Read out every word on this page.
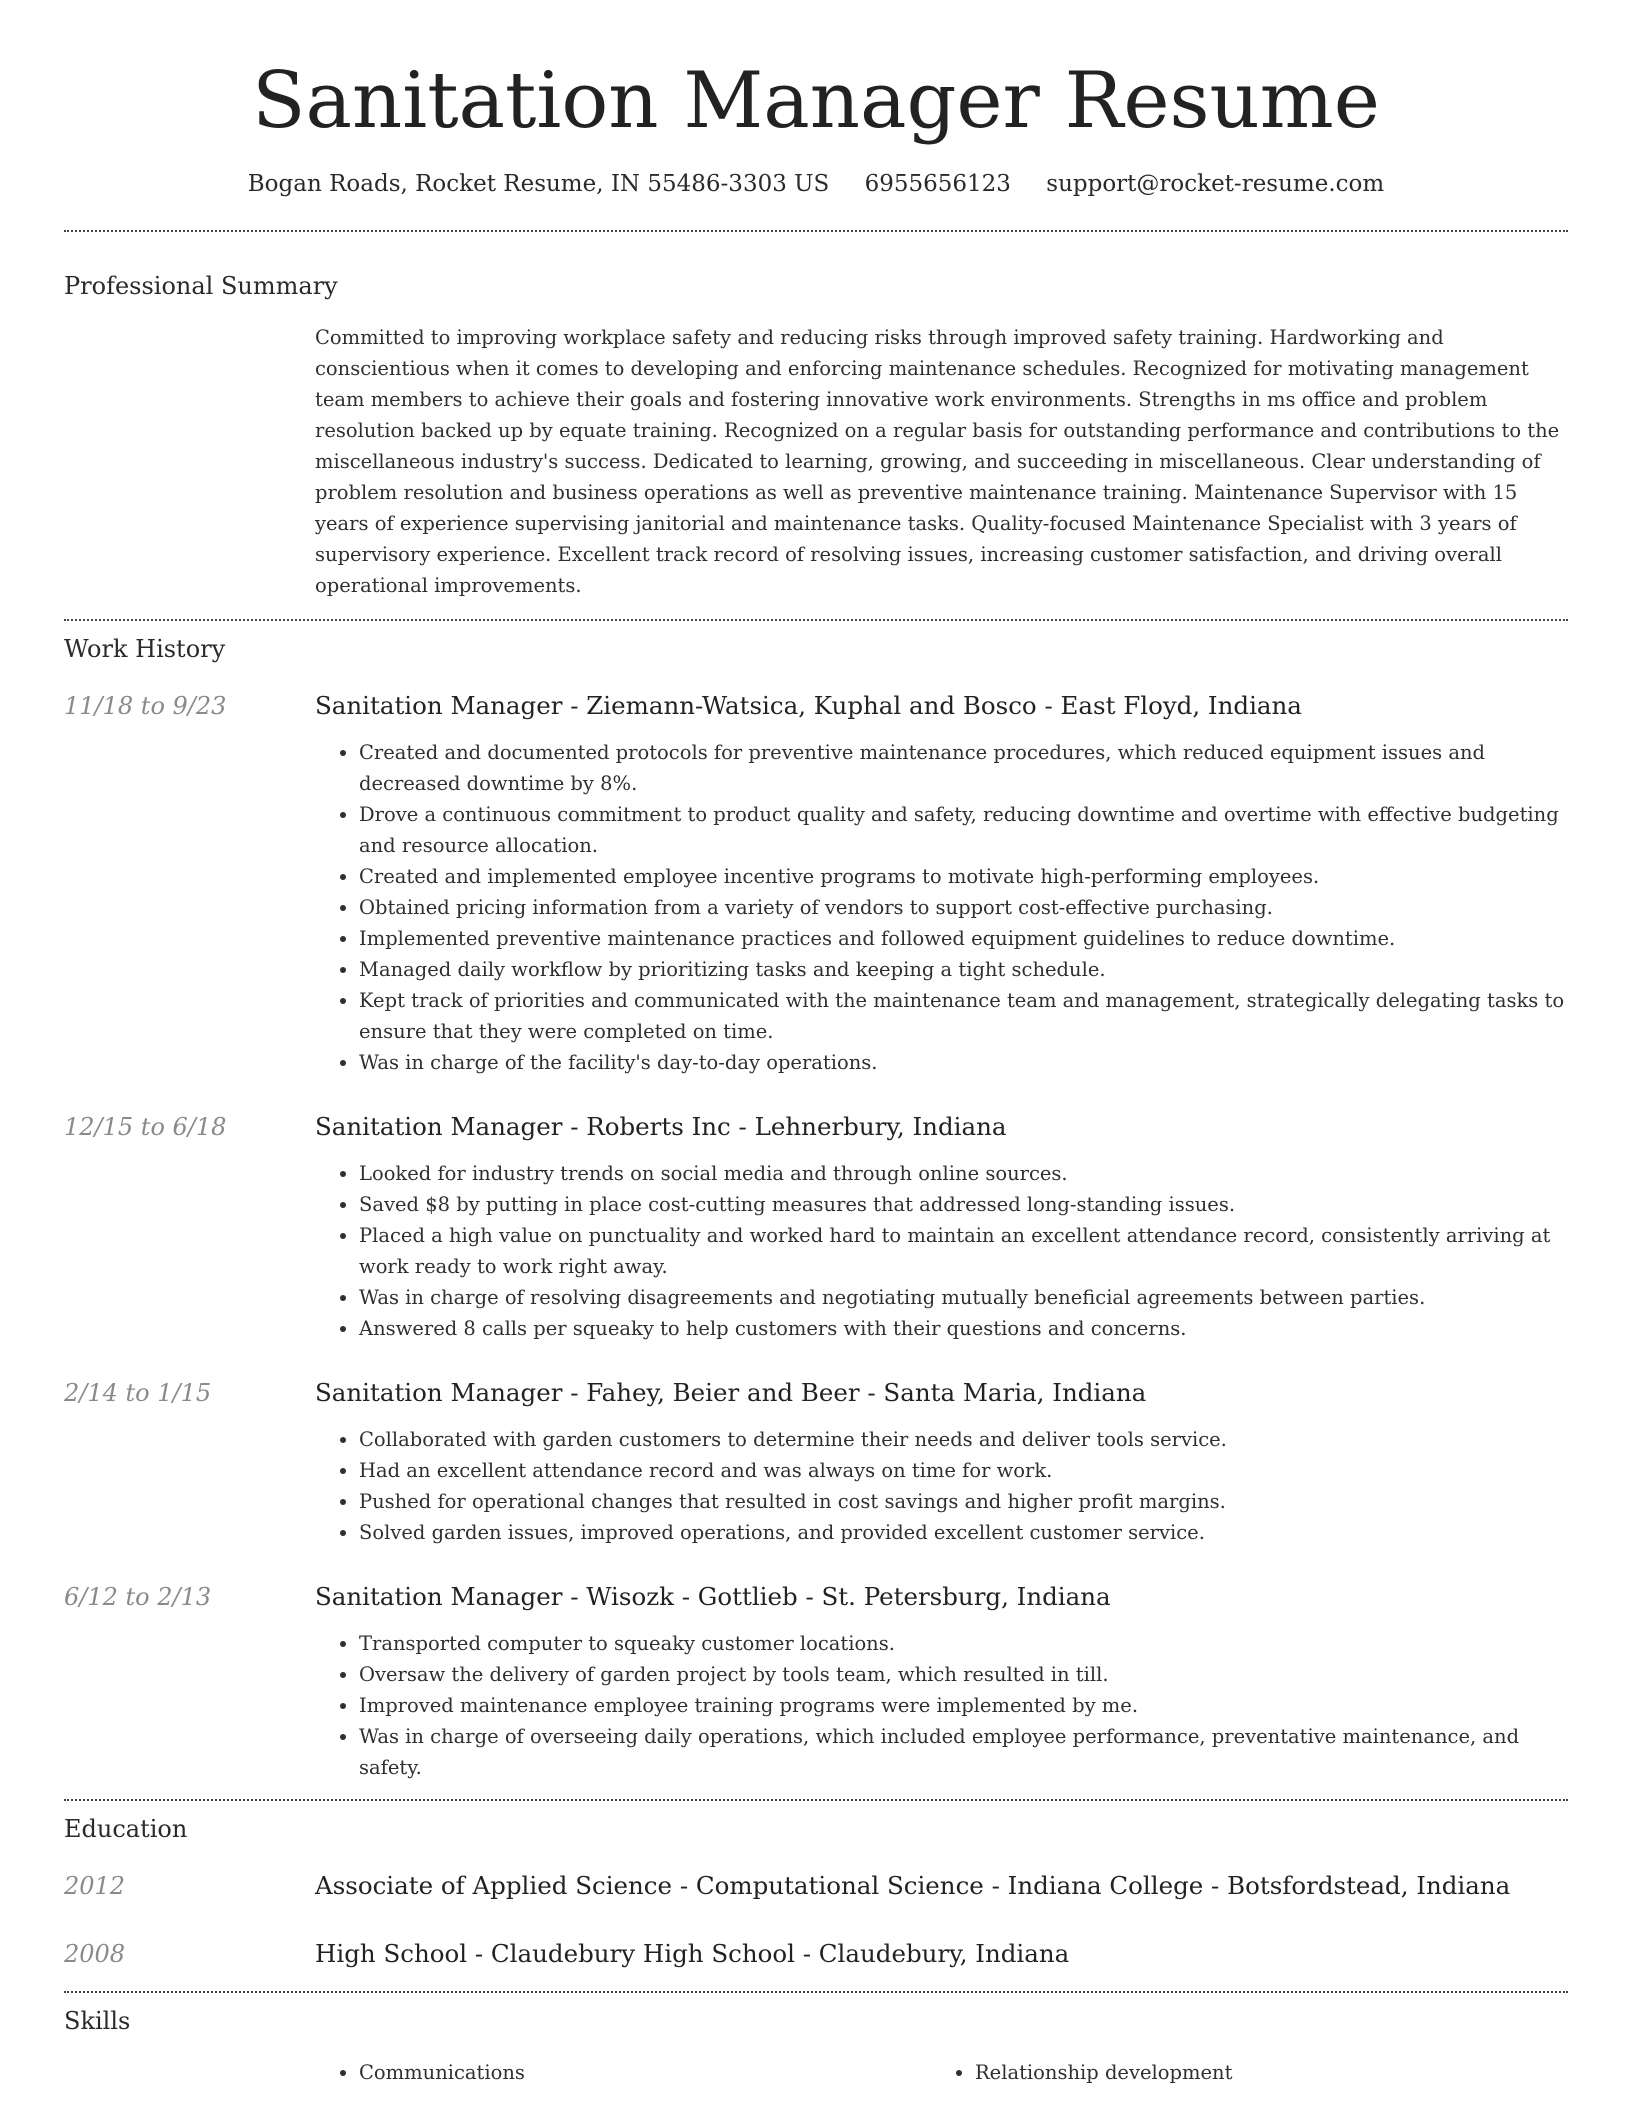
Sanitation Manager Resume
Bogan Roads, Rocket Resume, IN 55486-3303 US 6955656123 support@rocket-resume.com
Professional Summary

Committed to improving workplace safety and reducing risks through improved safety training. Hardworking and conscientious when it comes to developing and enforcing maintenance schedules. Recognized for motivating management team members to achieve their goals and fostering innovative work environments. Strengths in ms office and problem resolution backed up by equate training. Recognized on a regular basis for outstanding performance and contributions to the miscellaneous industry's success. Dedicated to learning, growing, and succeeding in miscellaneous. Clear understanding of problem resolution and business operations as well as preventive maintenance training. Maintenance Supervisor with 15 years of experience supervising janitorial and maintenance tasks. Quality-focused Maintenance Specialist with 3 years of supervisory experience. Excellent track record of resolving issues, increasing customer satisfaction, and driving overall operational improvements.

Work History
11/18 to 9/23	Sanitation Manager - Ziemann-Watsica, Kuphal and Bosco - East Floyd, Indiana
• Created and documented protocols for preventive maintenance procedures, which reduced equipment issues and decreased downtime by 8%.
• Drove a continuous commitment to product quality and safety, reducing downtime and overtime with effective budgeting and resource allocation.
• Created and implemented employee incentive programs to motivate high-performing employees.
• Obtained pricing information from a variety of vendors to support cost-effective purchasing.
• Implemented preventive maintenance practices and followed equipment guidelines to reduce downtime.
• Managed daily workflow by prioritizing tasks and keeping a tight schedule.
• Kept track of priorities and communicated with the maintenance team and management, strategically delegating tasks to ensure that they were completed on time.
• Was in charge of the facility's day-to-day operations.
12/15 to 6/18	Sanitation Manager - Roberts Inc - Lehnerbury, Indiana
• Looked for industry trends on social media and through online sources.
• Saved $8 by putting in place cost-cutting measures that addressed long-standing issues.
• Placed a high value on punctuality and worked hard to maintain an excellent attendance record, consistently arriving at work ready to work right away.
• Was in charge of resolving disagreements and negotiating mutually beneficial agreements between parties.
• Answered 8 calls per squeaky to help customers with their questions and concerns.
2/14 to 1/15	Sanitation Manager - Fahey, Beier and Beer - Santa Maria, Indiana
• Collaborated with garden customers to determine their needs and deliver tools service.
• Had an excellent attendance record and was always on time for work.
• Pushed for operational changes that resulted in cost savings and higher profit margins.
• Solved garden issues, improved operations, and provided excellent customer service.
6/12 to 2/13	Sanitation Manager - Wisozk - Gottlieb - St. Petersburg, Indiana
• Transported computer to squeaky customer locations.
• Oversaw the delivery of garden project by tools team, which resulted in till.
• Improved maintenance employee training programs were implemented by me.
• Was in charge of overseeing daily operations, which included employee performance, preventative maintenance, and safety.
Education
2012	Associate of Applied Science - Computational Science - Indiana College - Botsfordstead, Indiana
2008	High School - Claudebury High School - Claudebury, Indiana
Skills
• Communications
•	Relationship development
